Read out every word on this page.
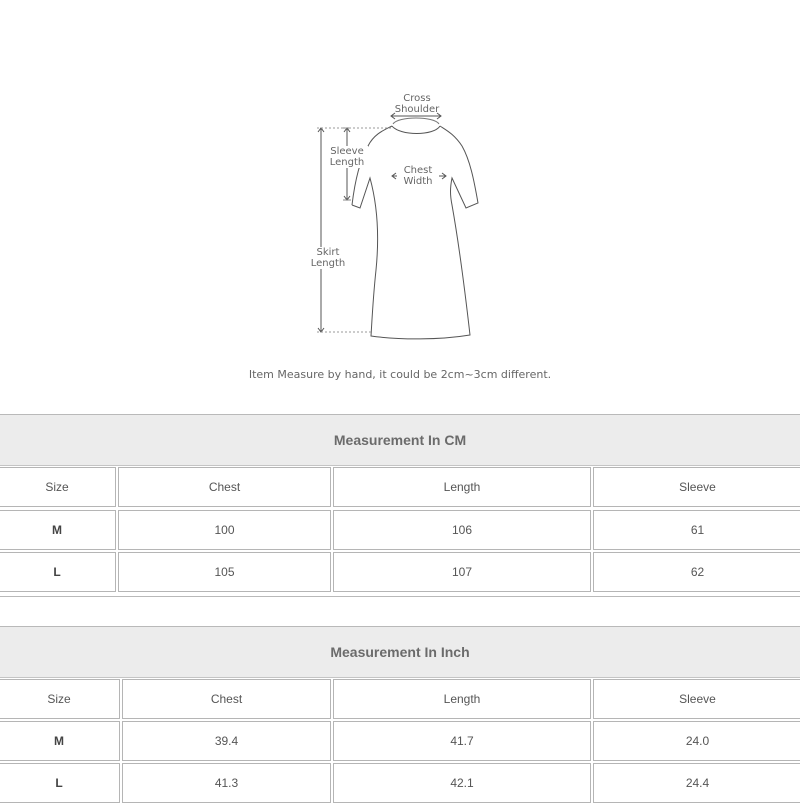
Cross
Shoulder
Sleeve
Length
Chest
Width
Skirt
Length
Item Measure by hand, it could be 2cm~3cm different.
Measurement In CM
Size	Chest	Length	Sleeve
M	100	106	61
L	105	107	62
Measurement In Inch
Size	Chest	Length	Sleeve
M	39.4	41.7	24.0
L	41.3	42.1	24.4
